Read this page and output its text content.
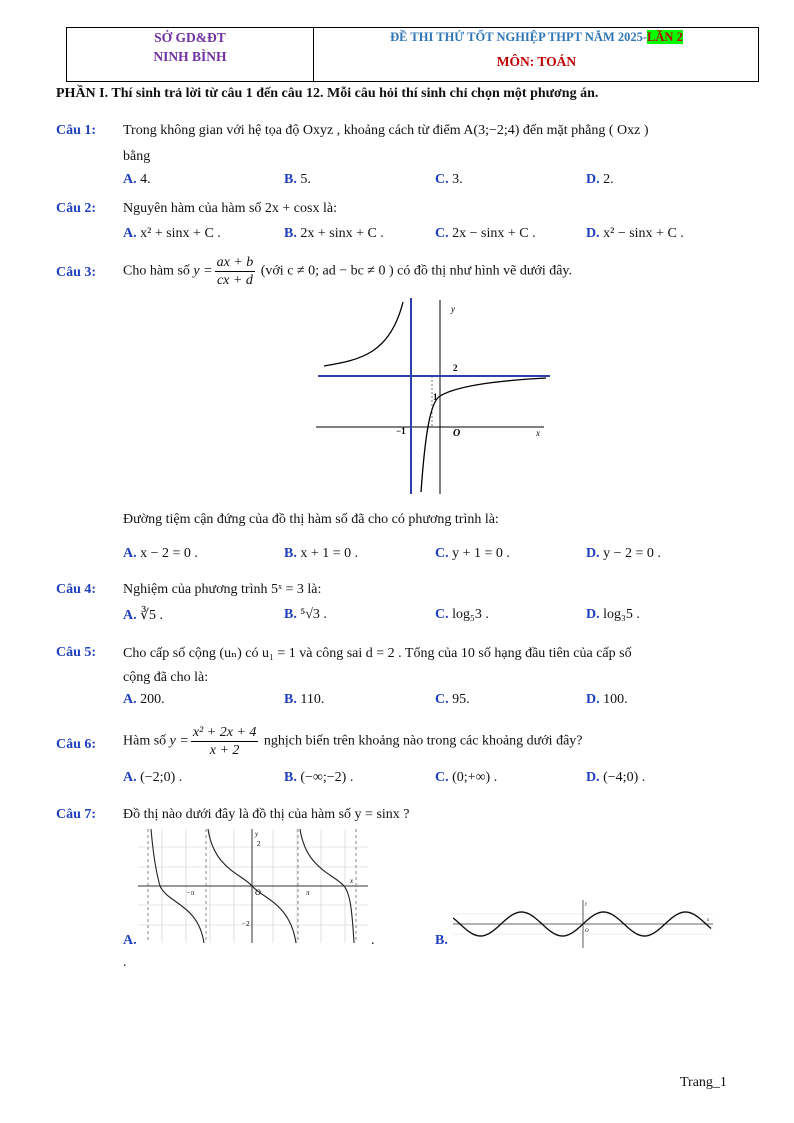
SỞ GD&ĐT
NINH BÌNH
ĐỀ THI THỬ TỐT NGHIỆP THPT NĂM 2025-LẦN 2
MÔN: TOÁN
PHẦN I. Thí sinh trả lời từ câu 1 đến câu 12. Mỗi câu hỏi thí sinh chỉ chọn một phương án.
Câu 1: Trong không gian với hệ tọa độ Oxyz , khoảng cách từ điểm A(3;−2;4) đến mặt phẳng ( Oxz )
bằng
A. 4.	B. 5.	C. 3.	D. 2.
Câu 2: Nguyên hàm của hàm số 2x + cosx là:
A. x² + sinx + C .	B. 2x + sinx + C .	C. 2x − sinx + C .	D. x² − sinx + C .
Câu 3: Cho hàm số $y = \frac{ax + b}{cx + d}$ (với c ≠ 0; ad − bc ≠ 0 ) có đồ thị như hình vẽ dưới đây.
2
1
−1	O	x
y
Đường tiệm cận đứng của đồ thị hàm số đã cho có phương trình là:
A. x − 2 = 0 .	B. x + 1 = 0 .	C. y + 1 = 0 .	D. y − 2 = 0 .
Câu 4: Nghiệm của phương trình 5ˣ = 3 là:
A. ∛5 .	B. ⁵√3 .	C. log₅3 .	D. log₃5 .
Câu 5: Cho cấp số cộng (uₙ) có u₁ = 1 và công sai d = 2 . Tổng của 10 số hạng đầu tiên của cấp số
cộng đã cho là:
A. 200.	B. 110.	C. 95.	D. 100.
Câu 6: Hàm số $y = \frac{\text{x² + 2x + 4}}{x + 2}$ nghịch biến trên khoảng nào trong các khoảng dưới đây?
A. (−2;0) .	B. (−∞;−2) .	C. (0;+∞) .	D. (−4;0) .
Câu 7: Đồ thị nào dưới đây là đồ thị của hàm số y = sinx ?
2
−2
−π	π
O
x
y
A.	.
.
O
x
y
B.
Trang_1
